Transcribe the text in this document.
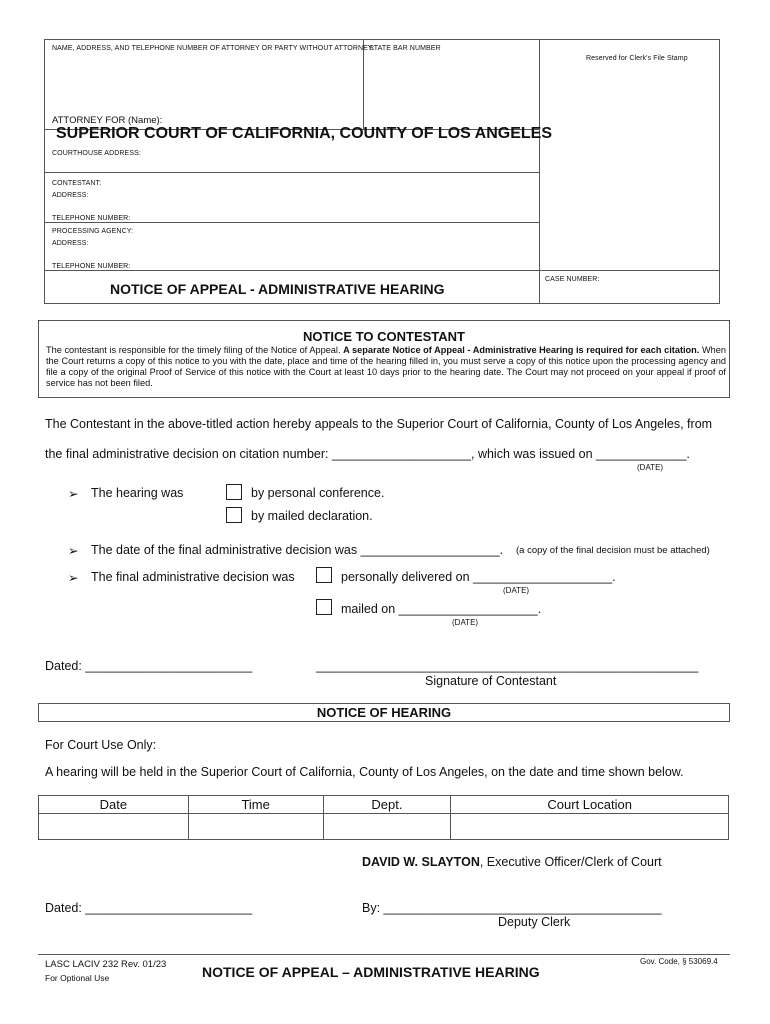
NAME, ADDRESS, AND TELEPHONE NUMBER OF ATTORNEY OR PARTY WITHOUT ATTORNEY:
STATE BAR NUMBER
Reserved for Clerk's File Stamp
ATTORNEY FOR (Name):
SUPERIOR COURT OF CALIFORNIA, COUNTY OF LOS ANGELES
COURTHOUSE ADDRESS:
CONTESTANT:
ADDRESS:
TELEPHONE NUMBER:
PROCESSING AGENCY:
ADDRESS:
TELEPHONE NUMBER:
NOTICE OF APPEAL - ADMINISTRATIVE HEARING
CASE NUMBER:
NOTICE TO CONTESTANT
The contestant is responsible for the timely filing of the Notice of Appeal. A separate Notice of Appeal - Administrative Hearing is required for each citation. When the Court returns a copy of this notice to you with the date, place and time of the hearing filled in, you must serve a copy of this notice upon the processing agency and file a copy of the original Proof of Service of this notice with the Court at least 10 days prior to the hearing date. The Court may not proceed on your appeal if proof of service has not been filed.
The Contestant in the above-titled action hereby appeals to the Superior Court of California, County of Los Angeles, from
the final administrative decision on citation number: ____________________, which was issued on _____________.
(DATE)
➢ The hearing was	by personal conference.
by mailed declaration.
➢ The date of the final administrative decision was ____________________. (a copy of the final decision must be attached)
➢ The final administrative decision was	personally delivered on ____________________.
(DATE)
mailed on ____________________.
(DATE)
Dated: ________________________	_______________________________________________________
Signature of Contestant
NOTICE OF HEARING
For Court Use Only:
A hearing will be held in the Superior Court of California, County of Los Angeles, on the date and time shown below.
Date	Time	Dept.	Court Location

DAVID W. SLAYTON, Executive Officer/Clerk of Court
Dated: ________________________	By: ________________________________________
Deputy Clerk
LASC LACIV 232 Rev. 01/23
For Optional Use	NOTICE OF APPEAL – ADMINISTRATIVE HEARING
Gov. Code, § 53069.4
